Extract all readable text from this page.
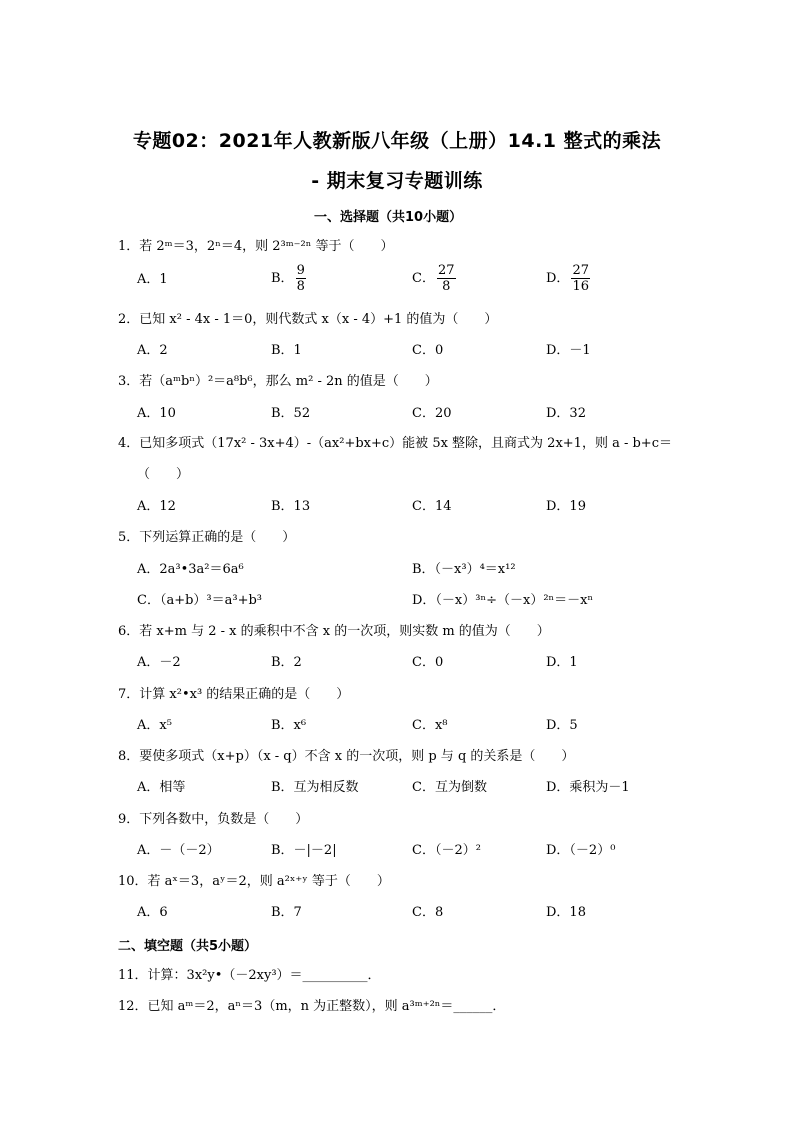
专题02：2021年人教新版八年级（上册）14.1 整式的乘法
- 期末复习专题训练
一、选择题（共10小题）
1．若 2ᵐ＝3，2ⁿ＝4，则 2³ᵐ⁻²ⁿ 等于（　　）
A．1	B． $\frac{9}{8}$	C． $\frac{27}{8}$	D． $\frac{27}{16}$
2．已知 x² - 4x - 1＝0，则代数式 x（x - 4）+1 的值为（　　）
A．2	B．1	C．0	D．－1
3．若（aᵐbⁿ）²＝a⁸b⁶，那么 m² - 2n 的值是（　　）
A．10	B．52	C．20	D．32
4．已知多项式（17x² - 3x+4）-（ax²+bx+c）能被 5x 整除，且商式为 2x+1，则 a - b+c＝
（　　）
A．12	B．13	C．14	D．19
5．下列运算正确的是（　　）
A．2a³•3a²＝6a⁶	B．（－x³）⁴＝x¹²
C．（a+b）³＝a³+b³	D．（－x）³ⁿ÷（－x）²ⁿ＝－xⁿ
6．若 x+m 与 2 - x 的乘积中不含 x 的一次项，则实数 m 的值为（　　）
A．－2	B．2	C．0	D．1
7．计算 x²•x³ 的结果正确的是（　　）
A．x⁵	B．x⁶	C．x⁸	D．5
8．要使多项式（x+p）（x - q）不含 x 的一次项，则 p 与 q 的关系是（　　）
A．相等	B．互为相反数	C．互为倒数	D．乘积为－1
9．下列各数中，负数是（　　）
A．－（－2）	B．－|－2|	C．（－2）²	D．（－2）⁰
10．若 aˣ＝3，aʸ＝2，则 a²ˣ⁺ʸ 等于（　　）
A．6	B．7	C．8	D．18
二、填空题（共5小题）
11．计算：3x²y•（－2xy³）＝__________．
12．已知 aᵐ＝2，aⁿ＝3（m，n 为正整数），则 a³ᵐ⁺²ⁿ＝______．
